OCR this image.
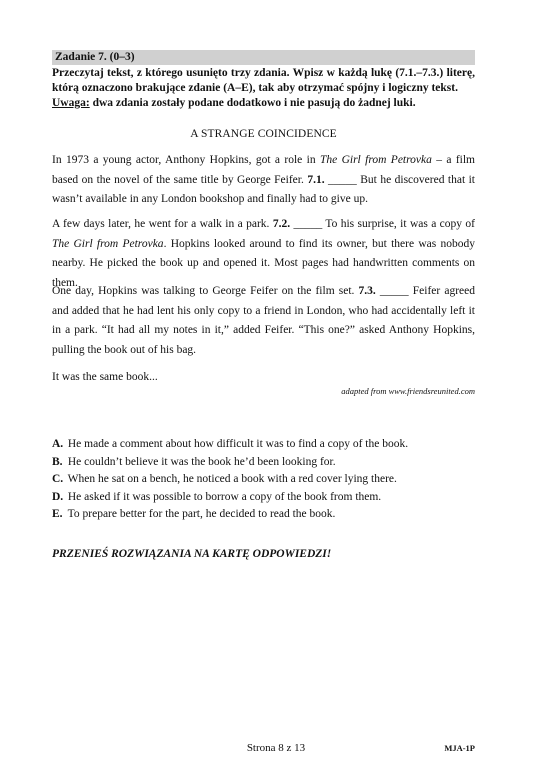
Zadanie 7. (0–3)
Przeczytaj tekst, z którego usunięto trzy zdania. Wpisz w każdą lukę (7.1.–7.3.) literę, którą oznaczono brakujące zdanie (A–E), tak aby otrzymać spójny i logiczny tekst.
Uwaga: dwa zdania zostały podane dodatkowo i nie pasują do żadnej luki.
A STRANGE COINCIDENCE
In 1973 a young actor, Anthony Hopkins, got a role in The Girl from Petrovka – a film based on the novel of the same title by George Feifer. 7.1. _____ But he discovered that it wasn’t available in any London bookshop and finally had to give up.
A few days later, he went for a walk in a park. 7.2. _____ To his surprise, it was a copy of The Girl from Petrovka. Hopkins looked around to find its owner, but there was nobody nearby. He picked the book up and opened it. Most pages had handwritten comments on them.
One day, Hopkins was talking to George Feifer on the film set. 7.3. _____ Feifer agreed and added that he had lent his only copy to a friend in London, who had accidentally left it in a park. “It had all my notes in it,” added Feifer. “This one?” asked Anthony Hopkins, pulling the book out of his bag.
It was the same book...
adapted from www.friendsreunited.com
A. He made a comment about how difficult it was to find a copy of the book.
B. He couldn’t believe it was the book he’d been looking for.
C. When he sat on a bench, he noticed a book with a red cover lying there.
D. He asked if it was possible to borrow a copy of the book from them.
E. To prepare better for the part, he decided to read the book.
PRZENIEŚ ROZWIĄZANIA NA KARTĘ ODPOWIEDZI!
Strona 8 z 13	MJA-1P
